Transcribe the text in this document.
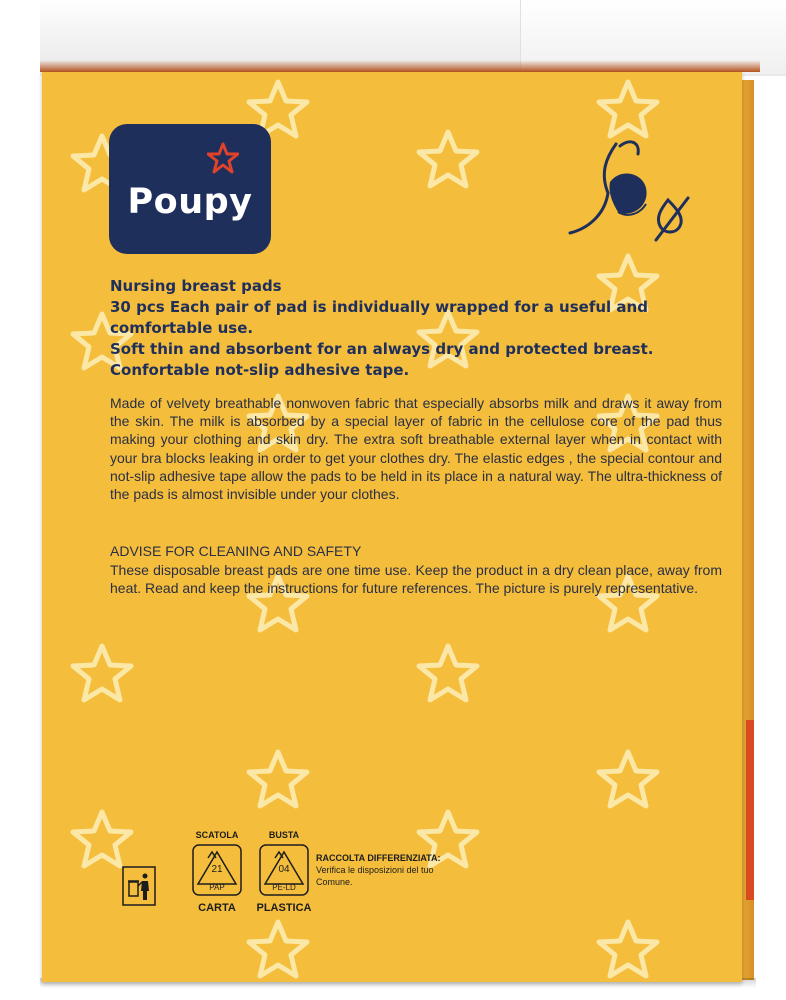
Poupy
Nursing breast pads
30 pcs Each pair of pad is individually wrapped for a useful and
comfortable use.
Soft thin and absorbent for an always dry and protected breast.
Confortable not-slip adhesive tape.
Made of velvety breathable nonwoven fabric that especially absorbs milk and draws it away from the skin. The milk is absorbed by a special layer of fabric in the cellulose core of the pad thus making your clothing and skin dry. The extra soft breathable external layer when in contact with your bra blocks leaking in order to get your clothes dry. The elastic edges , the special contour and not-slip adhesive tape allow the pads to be held in its place in a natural way. The ultra-thickness of the pads is almost invisible under your clothes.
ADVISE FOR CLEANING AND SAFETY
These disposable breast pads are one time use. Keep the product in a dry clean place, away from heat. Read and keep the instructions for future references. The picture is purely representative.
SCATOLA
21
PAP
CARTA
BUSTA
04
PE-LD
PLASTICA
RACCOLTA DIFFERENZIATA:
Verifica le disposizioni del tuo Comune.
